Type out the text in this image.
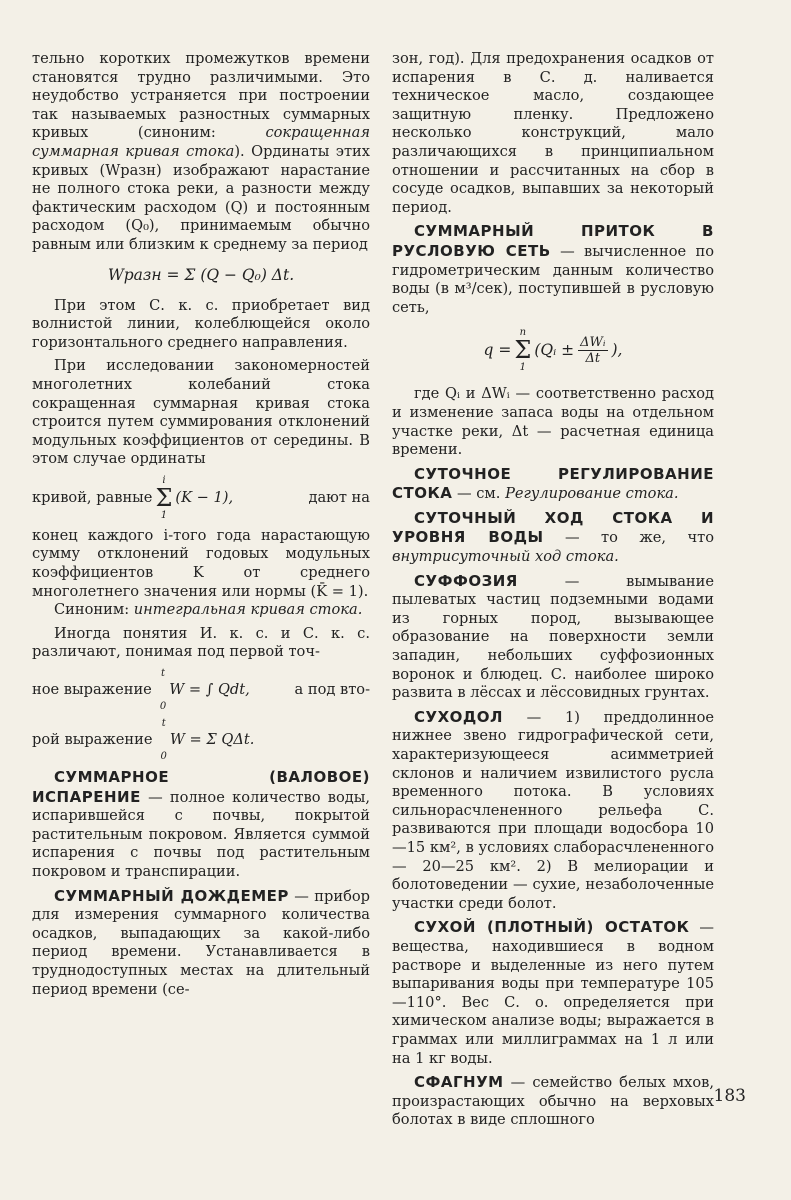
тельно коротких промежутков времени становятся трудно различимыми. Это неудобство устраняется при построении так называемых разностных суммарных кривых (синоним: сокращенная суммарная кривая стока). Ординаты этих кривых (Wразн) изображают нарастание не полного стока реки, а разности между фактическим расходом (Q) и постоянным расходом (Q₀), принимаемым обычно равным или близким к среднему за период

Wразн = Σ (Q − Q₀) Δt.

При этом С. к. с. приобретает вид волнистой линии, колеблющейся около горизонтального среднего направления.

При исследовании закономерностей многолетних колебаний стока сокращенная суммарная кривая стока строится путем суммирования отклонений модульных коэффициентов от середины. В этом случае ординаты

кривой, равные
i
Σ
1
(K − 1),	дают на

конец каждого i-того года нарастающую сумму отклонений годовых модульных коэффициентов K от среднего многолетнего значения или нормы (K̄ = 1).

Синоним: интегральная кривая стока.

Иногда понятия И. к. с. и С. к. с. различают, понимая под первой точ-

ное выражение
t
0
W = ∫ Qdt,	а под вто-
рой выражение
t
0
W = Σ QΔt.

СУММАРНОЕ (ВАЛОВОЕ) ИСПАРЕНИЕ — полное количество воды, испарившейся с почвы, покрытой растительным покровом. Является суммой испарения с почвы под растительным покровом и транспирации.

СУММАРНЫЙ ДОЖДЕМЕР — прибор для измерения суммарного количества осадков, выпадающих за какой-либо период времени. Устанавливается в труднодоступных местах на длительный период времени (се-

зон, год). Для предохранения осадков от испарения в С. д. наливается техническое масло, создающее защитную пленку. Предложено несколько конструкций, мало различающихся в принципиальном отношении и рассчитанных на сбор в сосуде осадков, выпавших за некоторый период.

СУММАРНЫЙ ПРИТОК В РУСЛОВУЮ СЕТЬ — вычисленное по гидрометрическим данным количество воды (в м³/сек), поступившей в русловую сеть,

q =
n
Σ
1
(Qᵢ ± $\frac{\text{ΔWᵢ}}{\Delta t}$ ),

где Qᵢ и ΔWᵢ — соответственно расход и изменение запаса воды на отдельном участке реки, Δt — расчетная единица времени.

СУТОЧНОЕ РЕГУЛИРОВАНИЕ СТОКА — см. Регулирование стока.

СУТОЧНЫЙ ХОД СТОКА И УРОВНЯ ВОДЫ — то же, что внутрисуточный ход стока.

СУФФОЗИЯ — вымывание пылеватых частиц подземными водами из горных пород, вызывающее образование на поверхности земли западин, небольших суффозионных воронок и блюдец. С. наиболее широко развита в лёссах и лёссовидных грунтах.

СУХОДОЛ — 1) преддолинное нижнее звено гидрографической сети, характеризующееся асимметрией склонов и наличием извилистого русла временного потока. В условиях сильнорасчлененного рельефа С. развиваются при площади водосбора 10—15 км², в условиях слаборасчлененного — 20—25 км². 2) В мелиорации и болотоведении — сухие, незаболоченные участки среди болот.

СУХОЙ (ПЛОТНЫЙ) ОСТАТОК — вещества, находившиеся в водном растворе и выделенные из него путем выпаривания воды при температуре 105—110°. Вес С. о. определяется при химическом анализе воды; выражается в граммах или миллиграммах на 1 л или на 1 кг воды.

СФАГНУМ — семейство белых мхов, произрастающих обычно на верховых болотах в виде сплошного

183
